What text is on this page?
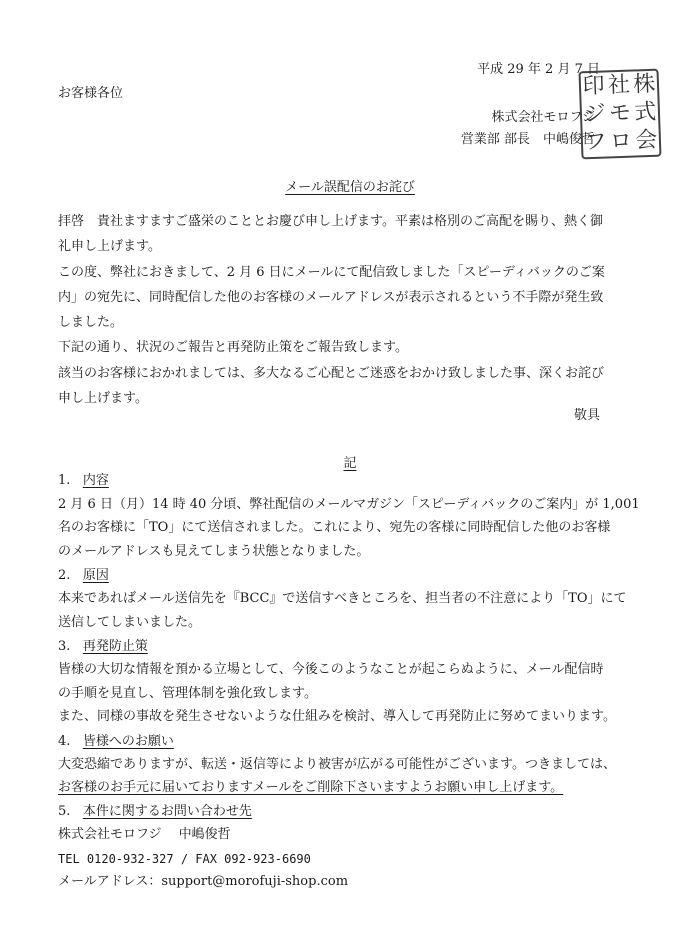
平成 29 年 2 月 7 日
お客様各位
株式会社モロフジ
営業部 部長　中嶋俊哲
印 社 株
ジ モ 式
フ ロ 会
メール誤配信のお詫び
拝啓　貴社ますますご盛栄のこととお慶び申し上げます。平素は格別のご高配を賜り、熱く御
礼申し上げます。
この度、弊社におきまして、2 月 6 日にメールにて配信致しました「スピーディバックのご案
内」の宛先に、同時配信した他のお客様のメールアドレスが表示されるという不手際が発生致
しました。
下記の通り、状況のご報告と再発防止策をご報告致します。
該当のお客様におかれましては、多大なるご心配とご迷惑をおかけ致しました事、深くお詫び
申し上げます。
敬具
記
1. 内容
2 月 6 日（月）14 時 40 分頃、弊社配信のメールマガジン「スピーディバックのご案内」が 1,001
名のお客様に「TO」にて送信されました。これにより、宛先の客様に同時配信した他のお客様
のメールアドレスも見えてしまう状態となりました。
2. 原因
本来であればメール送信先を『BCC』で送信すべきところを、担当者の不注意により「TO」にて
送信してしまいました。
3. 再発防止策
皆様の大切な情報を預かる立場として、今後このようなことが起こらぬように、メール配信時
の手順を見直し、管理体制を強化致します。
また、同様の事故を発生させないような仕組みを検討、導入して再発防止に努めてまいります。
4. 皆様へのお願い
大変恐縮でありますが、転送・返信等により被害が広がる可能性がございます。つきましては、
お客様のお手元に届いておりますメールをご削除下さいますようお願い申し上げます。
5. 本件に関するお問い合わせ先
株式会社モロフジ　 中嶋俊哲
TEL 0120-932-327 / FAX 092-923-6690
メールアドレス：support@morofuji-shop.com
